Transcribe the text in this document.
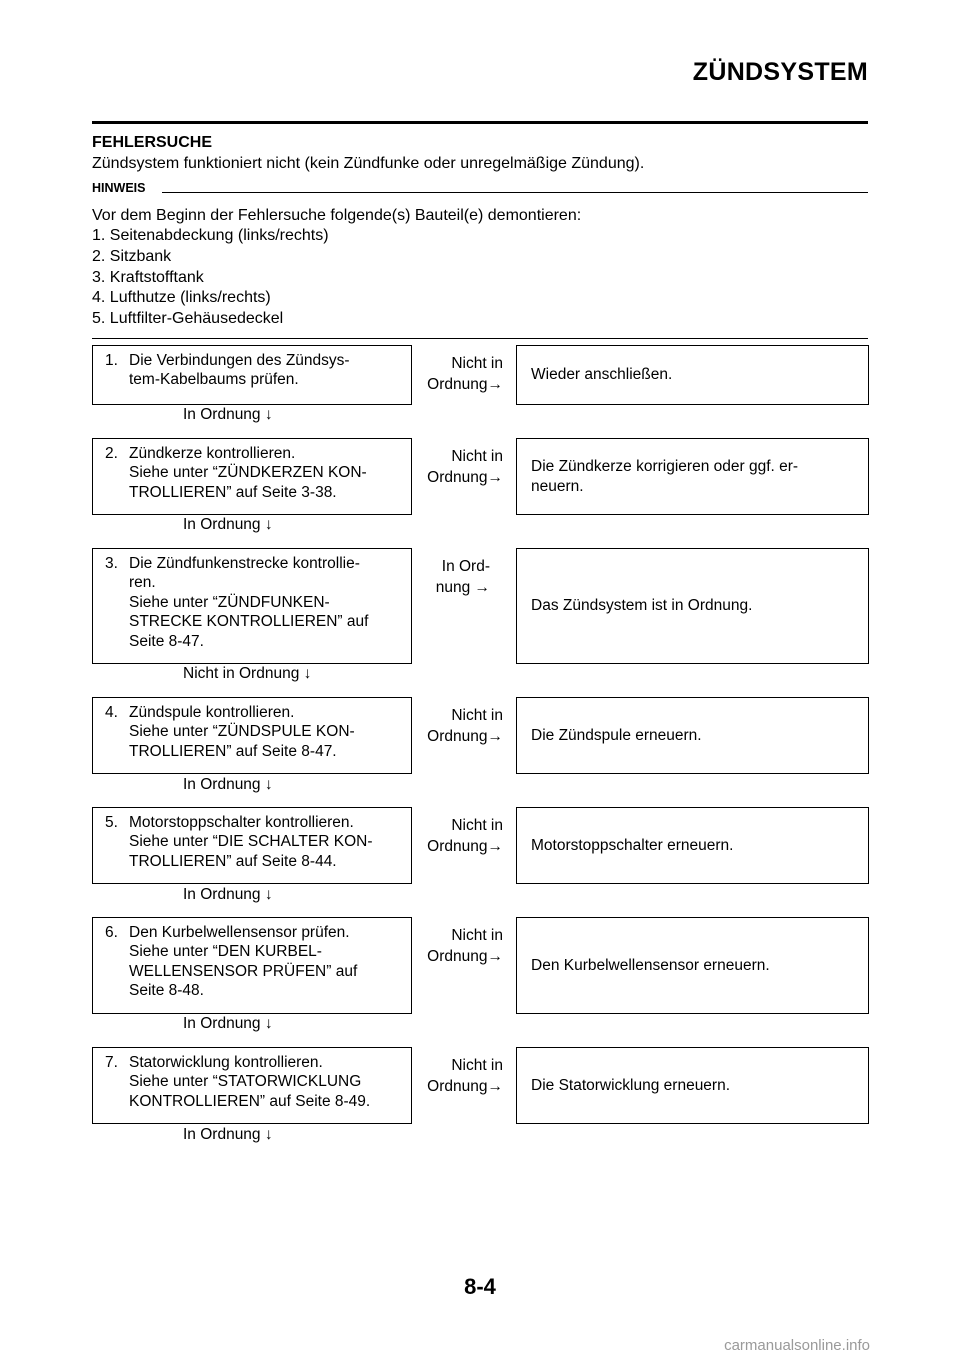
ZÜNDSYSTEM
FEHLERSUCHE
Zündsystem funktioniert nicht (kein Zündfunke oder unregelmäßige Zündung).
HINWEIS
Vor dem Beginn der Fehlersuche folgende(s) Bauteil(e) demontieren:
1. Seitenabdeckung (links/rechts)
2. Sitzbank
3. Kraftstofftank
4. Lufthutze (links/rechts)
5. Luftfilter-Gehäusedeckel
1. Die Verbindungen des Zündsys-
tem-Kabelbaums prüfen.
Nicht in
Ordnung→
Wieder anschließen.
In Ordnung ↓
2. Zündkerze kontrollieren.
Siehe unter “ZÜNDKERZEN KON-
TROLLIEREN” auf Seite 3-38.
Nicht in
Ordnung→
Die Zündkerze korrigieren oder ggf. er-
neuern.
In Ordnung ↓
3. Die Zündfunkenstrecke kontrollie-
ren.
Siehe unter “ZÜNDFUNKEN-
STRECKE KONTROLLIEREN” auf
Seite 8-47.
In Ord-
nung →
Das Zündsystem ist in Ordnung.
Nicht in Ordnung ↓
4. Zündspule kontrollieren.
Siehe unter “ZÜNDSPULE KON-
TROLLIEREN” auf Seite 8-47.
Nicht in
Ordnung→ Die Zündspule erneuern.
In Ordnung ↓
5. Motorstoppschalter kontrollieren.
Siehe unter “DIE SCHALTER KON-
TROLLIEREN” auf Seite 8-44.
Nicht in
Ordnung→ Motorstoppschalter erneuern.
In Ordnung ↓
6. Den Kurbelwellensensor prüfen.
Siehe unter “DEN KURBEL-
WELLENSENSOR PRÜFEN” auf
Seite 8-48.
Nicht in
Ordnung→
Den Kurbelwellensensor erneuern.
In Ordnung ↓
7. Statorwicklung kontrollieren.
Siehe unter “STATORWICKLUNG
KONTROLLIEREN” auf Seite 8-49.
Nicht in
Ordnung→ Die Statorwicklung erneuern.
In Ordnung ↓
8-4
carmanualsonline.info
